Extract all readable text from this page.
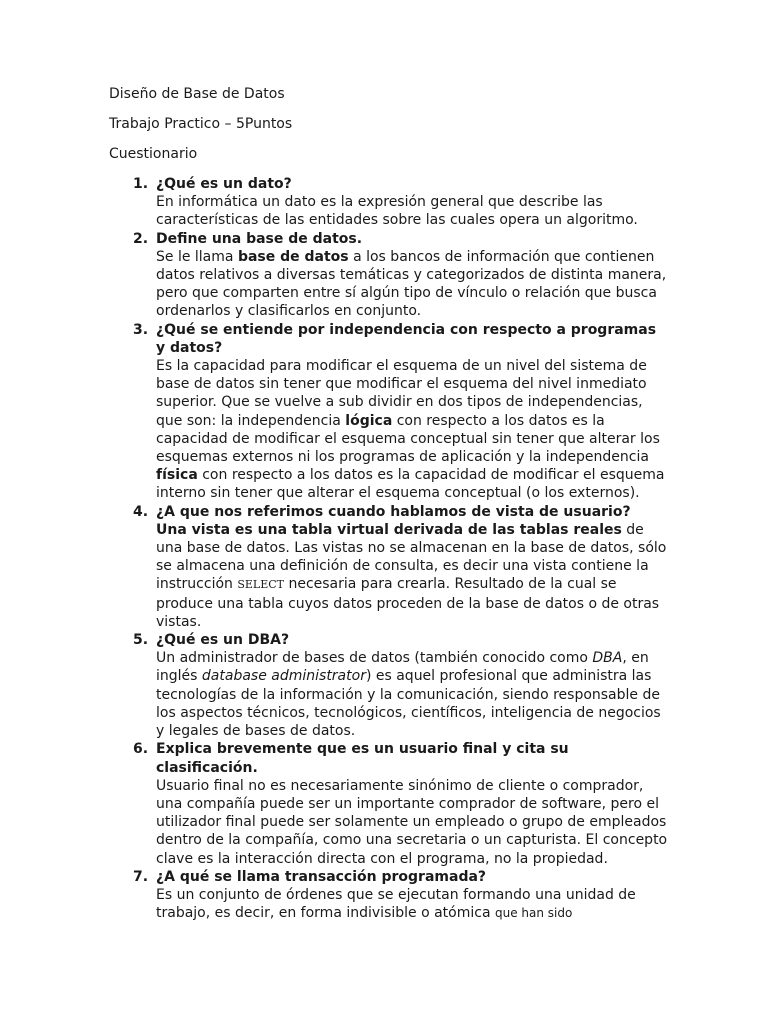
Diseño de Base de Datos
Trabajo Practico – 5Puntos
Cuestionario
1. ¿Qué es un dato?
En informática un dato es la expresión general que describe las características de las entidades sobre las cuales opera un algoritmo.
2. Define una base de datos.
Se le llama base de datos a los bancos de información que contienen datos relativos a diversas temáticas y categorizados de distinta manera, pero que comparten entre sí algún tipo de vínculo o relación que busca ordenarlos y clasificarlos en conjunto.
3. ¿Qué se entiende por independencia con respecto a programas y datos?
Es la capacidad para modificar el esquema de un nivel del sistema de base de datos sin tener que modificar el esquema del nivel inmediato superior. Que se vuelve a sub dividir en dos tipos de independencias, que son: la independencia lógica con respecto a los datos es la capacidad de modificar el esquema conceptual sin tener que alterar los esquemas externos ni los programas de aplicación y la independencia física con respecto a los datos es la capacidad de modificar el esquema interno sin tener que alterar el esquema conceptual (o los externos).
4. ¿A que nos referimos cuando hablamos de vista de usuario?
Una vista es una tabla virtual derivada de las tablas reales de una base de datos. Las vistas no se almacenan en la base de datos, sólo se almacena una definición de consulta, es decir una vista contiene la instrucción SELECT necesaria para crearla. Resultado de la cual se produce una tabla cuyos datos proceden de la base de datos o de otras vistas.
5. ¿Qué es un DBA?
Un administrador de bases de datos (también conocido como DBA, en inglés database administrator) es aquel profesional que administra las tecnologías de la información y la comunicación, siendo responsable de los aspectos técnicos, tecnológicos, científicos, inteligencia de negocios y legales de bases de datos.
6. Explica brevemente que es un usuario final y cita su clasificación.
Usuario final no es necesariamente sinónimo de cliente o comprador, una compañía puede ser un importante comprador de software, pero el utilizador final puede ser solamente un empleado o grupo de empleados dentro de la compañía, como una secretaria o un capturista. El concepto clave es la interacción directa con el programa, no la propiedad.
7. ¿A qué se llama transacción programada?
Es un conjunto de órdenes que se ejecutan formando una unidad de trabajo, es decir, en forma indivisible o atómica que han sido
